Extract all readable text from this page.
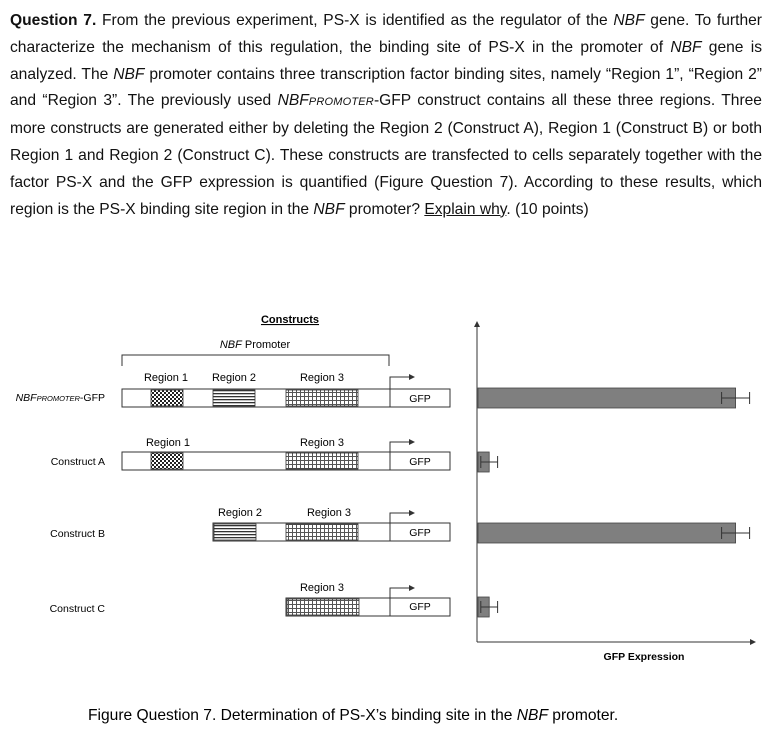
Question 7. From the previous experiment, PS-X is identified as the regulator of the NBF gene. To further characterize the mechanism of this regulation, the binding site of PS-X in the promoter of NBF gene is analyzed. The NBF promoter contains three transcription factor binding sites, namely “Region 1”, “Region 2” and “Region 3”. The previously used NBFPROMOTER-GFP construct contains all these three regions. Three more constructs are generated either by deleting the Region 2 (Construct A), Region 1 (Construct B) or both Region 1 and Region 2 (Construct C). These constructs are transfected to cells separately together with the factor PS-X and the GFP expression is quantified (Figure Question 7). According to these results, which region is the PS-X binding site region in the NBF promoter? Explain why. (10 points)
Constructs
NBF Promoter
NBFPROMOTER-GFP
Region 1 Region 2	Region 3
GFP
Construct A
Region 1	Region 3
GFP
Construct B
Region 2	Region 3
GFP
Construct C
Region 3
GFP
GFP Expression
Figure Question 7. Determination of PS-X’s binding site in the NBF promoter.
